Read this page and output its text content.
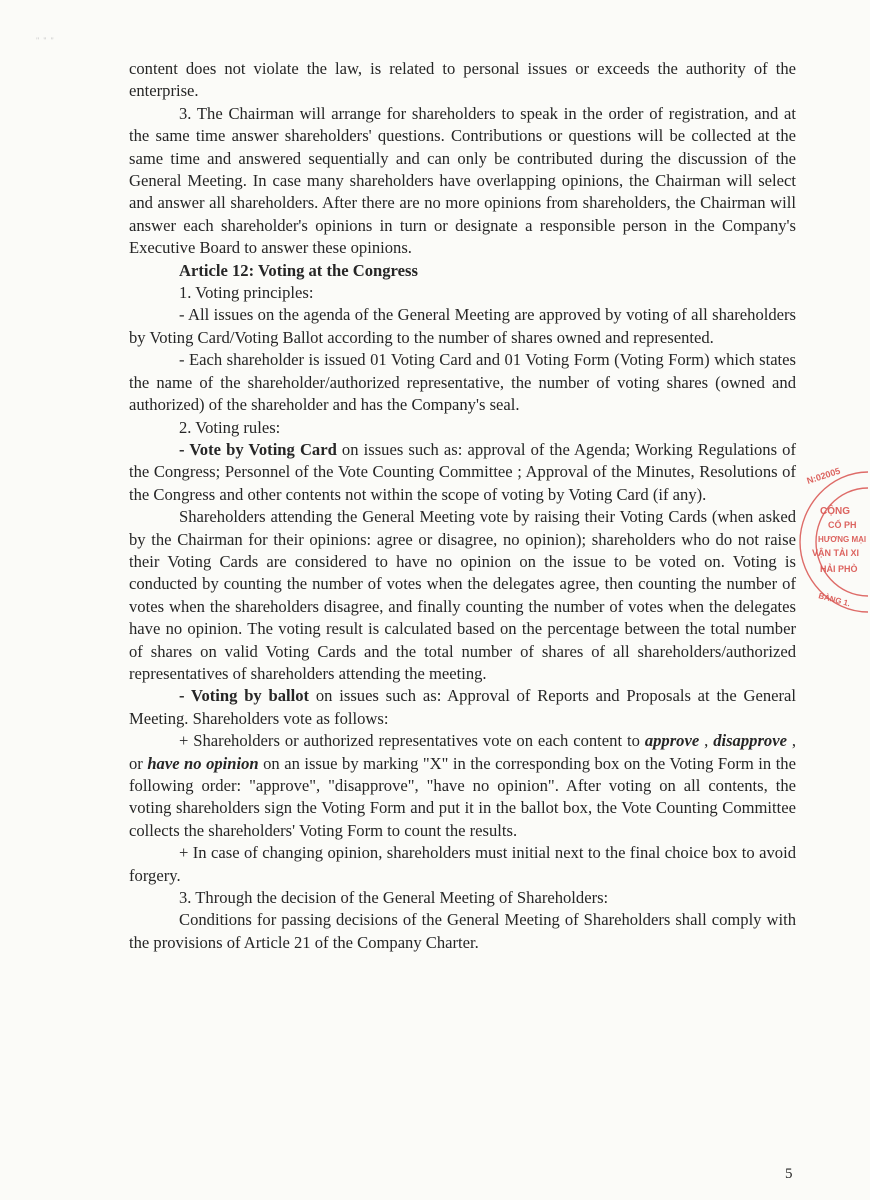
" " "

content does not violate the law, is related to personal issues or exceeds the authority of the enterprise.

3. The Chairman will arrange for shareholders to speak in the order of registration, and at the same time answer shareholders' questions. Contributions or questions will be collected at the same time and answered sequentially and can only be contributed during the discussion of the General Meeting. In case many shareholders have overlapping opinions, the Chairman will select and answer all shareholders. After there are no more opinions from shareholders, the Chairman will answer each shareholder's opinions in turn or designate a responsible person in the Company's Executive Board to answer these opinions.

Article 12: Voting at the Congress

1. Voting principles:

- All issues on the agenda of the General Meeting are approved by voting of all shareholders by Voting Card/Voting Ballot according to the number of shares owned and represented.

- Each shareholder is issued 01 Voting Card and 01 Voting Form (Voting Form) which states the name of the shareholder/authorized representative, the number of voting shares (owned and authorized) of the shareholder and has the Company's seal.

2. Voting rules:

- Vote by Voting Card on issues such as: approval of the Agenda; Working Regulations of the Congress; Personnel of the Vote Counting Committee ; Approval of the Minutes, Resolutions of the Congress and other contents not within the scope of voting by Voting Card (if any).

Shareholders attending the General Meeting vote by raising their Voting Cards (when asked by the Chairman for their opinions: agree or disagree, no opinion); shareholders who do not raise their Voting Cards are considered to have no opinion on the issue to be voted on. Voting is conducted by counting the number of votes when the delegates agree, then counting the number of votes when the shareholders disagree, and finally counting the number of votes when the delegates have no opinion. The voting result is calculated based on the percentage between the total number of shares on valid Voting Cards and the total number of shares of all shareholders/authorized representatives of shareholders attending the meeting.

- Voting by ballot on issues such as: Approval of Reports and Proposals at the General Meeting. Shareholders vote as follows:

+ Shareholders or authorized representatives vote on each content to approve , disapprove , or have no opinion on an issue by marking "X" in the corresponding box on the Voting Form in the following order: "approve", "disapprove", "have no opinion". After voting on all contents, the voting shareholders sign the Voting Form and put it in the ballot box, the Vote Counting Committee collects the shareholders' Voting Form to count the results.

+ In case of changing opinion, shareholders must initial next to the final choice box to avoid forgery.

3. Through the decision of the General Meeting of Shareholders:

Conditions for passing decisions of the General Meeting of Shareholders shall comply with the provisions of Article 21 of the Company Charter.

N:02005
CỘNG
CỔ PH
HƯƠNG MẠI
VẬN TẢI XI
HẢI PHÒ
BÀNG 1.
5
